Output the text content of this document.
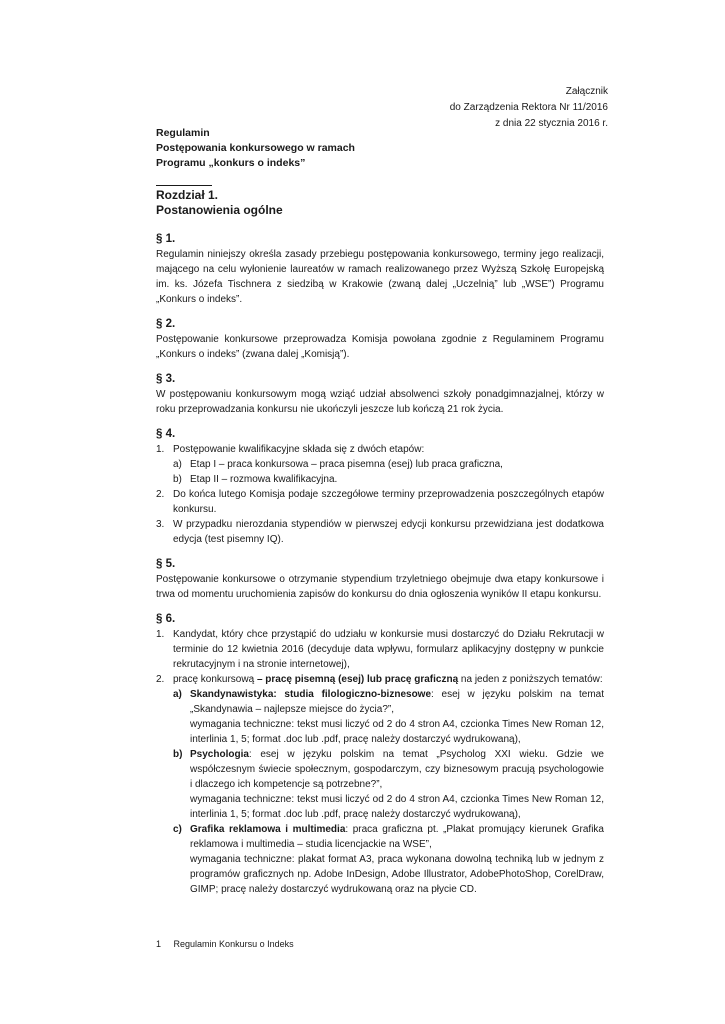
Załącznik
do Zarządzenia Rektora Nr 11/2016
z dnia 22 stycznia 2016 r.
Regulamin
Postępowania konkursowego w ramach
Programu „konkurs o indeks”
Rozdział 1.
Postanowienia ogólne
§ 1.

Regulamin niniejszy określa zasady przebiegu postępowania konkursowego, terminy jego realizacji, mającego na celu wyłonienie laureatów w ramach realizowanego przez Wyższą Szkołę Europejską im. ks. Józefa Tischnera z siedzibą w Krakowie (zwaną dalej „Uczelnią” lub „WSE”) Programu „Konkurs o indeks”.

§ 2.

Postępowanie konkursowe przeprowadza Komisja powołana zgodnie z Regulaminem Programu „Konkurs o indeks” (zwana dalej „Komisją”).

§ 3.

W postępowaniu konkursowym mogą wziąć udział absolwenci szkoły ponadgimnazjalnej, którzy w roku przeprowadzania konkursu nie ukończyli jeszcze lub kończą 21 rok życia.

§ 4.
1. Postępowanie kwalifikacyjne składa się z dwóch etapów:
a) Etap I – praca konkursowa – praca pisemna (esej) lub praca graficzna,
b) Etap II – rozmowa kwalifikacyjna.
2. Do końca lutego Komisja podaje szczegółowe terminy przeprowadzenia poszczególnych etapów konkursu.
3. W przypadku nierozdania stypendiów w pierwszej edycji konkursu przewidziana jest dodatkowa edycja (test pisemny IQ).
§ 5.

Postępowanie konkursowe o otrzymanie stypendium trzyletniego obejmuje dwa etapy konkursowe i trwa od momentu uruchomienia zapisów do konkursu do dnia ogłoszenia wyników II etapu konkursu.

§ 6.
1. Kandydat, który chce przystąpić do udziału w konkursie musi dostarczyć do Działu Rekrutacji w terminie do 12 kwietnia 2016 (decyduje data wpływu, formularz aplikacyjny dostępny w punkcie rekrutacyjnym i na stronie internetowej),
2. pracę konkursową – pracę pisemną (esej) lub pracę graficzną na jeden z poniższych tematów:
a) Skandynawistyka: studia filologiczno-biznesowe: esej w języku polskim na temat „Skandynawia – najlepsze miejsce do życia?”,
wymagania techniczne: tekst musi liczyć od 2 do 4 stron A4, czcionka Times New Roman 12, interlinia 1, 5; format .doc lub .pdf, pracę należy dostarczyć wydrukowaną),
b) Psychologia: esej w języku polskim na temat „Psycholog XXI wieku. Gdzie we współczesnym świecie społecznym, gospodarczym, czy biznesowym pracują psychologowie i dlaczego ich kompetencje są potrzebne?”,
wymagania techniczne: tekst musi liczyć od 2 do 4 stron A4, czcionka Times New Roman 12, interlinia 1, 5; format .doc lub .pdf, pracę należy dostarczyć wydrukowaną),
c) Grafika reklamowa i multimedia: praca graficzna pt. „Plakat promujący kierunek Grafika reklamowa i multimedia – studia licencjackie na WSE”,
wymagania techniczne: plakat format A3, praca wykonana dowolną techniką lub w jednym z programów graficznych np. Adobe InDesign, Adobe Illustrator, AdobePhotoShop, CorelDraw, GIMP; pracę należy dostarczyć wydrukowaną oraz na płycie CD.
1 Regulamin Konkursu o Indeks
